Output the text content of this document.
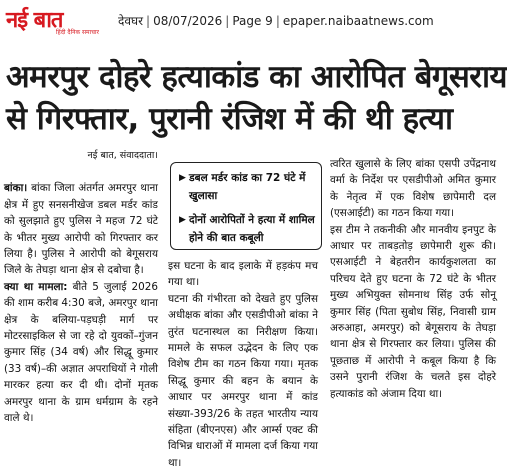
नई बात
हिंदी दैनिक समाचार
देवघर | 08/07/2026 | Page 9 | epaper.naibaatnews.com
अमरपुर दोहरे हत्याकांड का आरोपित बेगूसराय
से गिरफ्तार, पुरानी रंजिश में की थी हत्या
नई बात, संवाददाता।

बांका। बांका जिला अंतर्गत अमरपुर थाना क्षेत्र में हुए सनसनीखेज डबल मर्डर कांड को सुलझाते हुए पुलिस ने महज 72 घंटे के भीतर मुख्य आरोपी को गिरफ्तार कर लिया है। पुलिस ने आरोपी को बेगूसराय जिले के तेघड़ा थाना क्षेत्र से दबोचा है।

क्या था मामला: बीते 5 जुलाई 2026 की शाम करीब 4:30 बजे, अमरपुर थाना क्षेत्र के बलिया-पड़घड़ी मार्ग पर मोटरसाइकिल से जा रहे दो युवकों–गुंजन कुमार सिंह (34 वर्ष) और सिद्धू कुमार (33 वर्ष)–की अज्ञात अपराधियों ने गोली मारकर हत्या कर दी थी। दोनों मृतक अमरपुर थाना के ग्राम धर्मग्राम के रहने वाले थे।

▶ डबल मर्डर कांड का 72 घंटे में खुलासा
▶ दोनों आरोपितों ने हत्या में शामिल होने की बात कबूली

इस घटना के बाद इलाके में हड़कंप मच गया था।

घटना की गंभीरता को देखते हुए पुलिस अधीक्षक बांका और एसडीपीओ बांका ने तुरंत घटनास्थल का निरीक्षण किया। मामले के सफल उद्भेदन के लिए एक विशेष टीम का गठन किया गया। मृतक सिद्धू कुमार की बहन के बयान के आधार पर अमरपुर थाना में कांड संख्या-393/26 के तहत भारतीय न्याय संहिता (बीएनएस) और आर्म्स एक्ट की विभिन्न धाराओं में मामला दर्ज किया गया था।

त्वरित खुलासे के लिए बांका एसपी उपेंद्रनाथ वर्मा के निर्देश पर एसडीपीओ अमित कुमार के नेतृत्व में एक विशेष छापेमारी दल (एसआईटी) का गठन किया गया।

इस टीम ने तकनीकी और मानवीय इनपुट के आधार पर ताबड़तोड़ छापेमारी शुरू की। एसआईटी ने बेहतरीन कार्यकुशलता का परिचय देते हुए घटना के 72 घंटे के भीतर मुख्य अभियुक्त सोमनाथ सिंह उर्फ सोनू कुमार सिंह (पिता सुबोध सिंह, निवासी ग्राम अरुआहा, अमरपुर) को बेगूसराय के तेघड़ा थाना क्षेत्र से गिरफ्तार कर लिया। पुलिस की पूछताछ में आरोपी ने कबूल किया है कि उसने पुरानी रंजिश के चलते इस दोहरे हत्याकांड को अंजाम दिया था।
